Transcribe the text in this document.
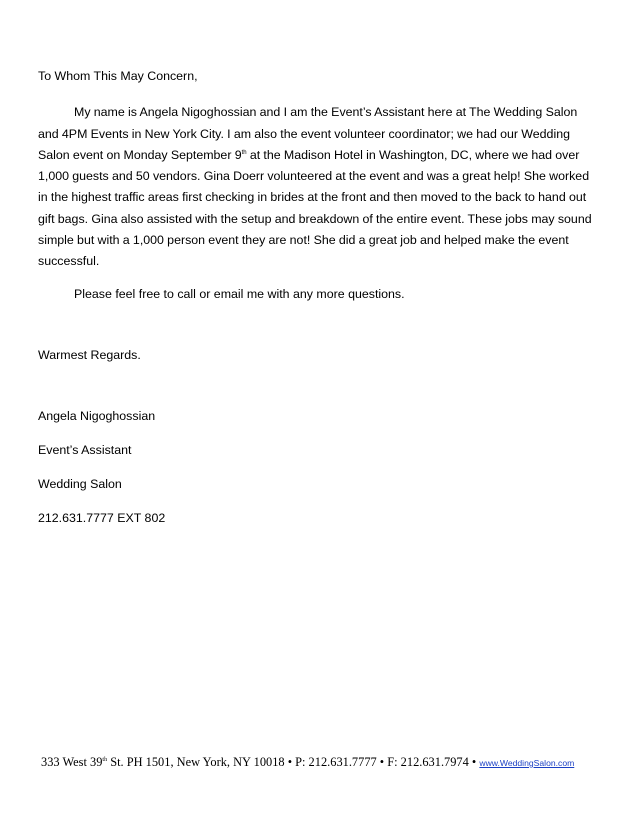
To Whom This May Concern,

My name is Angela Nigoghossian and I am the Event’s Assistant here at The Wedding Salon and 4PM Events in New York City. I am also the event volunteer coordinator; we had our Wedding Salon event on Monday September 9th at the Madison Hotel in Washington, DC, where we had over 1,000 guests and 50 vendors. Gina Doerr volunteered at the event and was a great help! She worked in the highest traffic areas first checking in brides at the front and then moved to the back to hand out gift bags. Gina also assisted with the setup and breakdown of the entire event. These jobs may sound simple but with a 1,000 person event they are not! She did a great job and helped make the event successful.

Please feel free to call or email me with any more questions.

Warmest Regards.

Angela Nigoghossian

Event’s Assistant

Wedding Salon

212.631.7777 EXT 802

333 West 39th St. PH 1501, New York, NY 10018 • P: 212.631.7777 • F: 212.631.7974 • www.WeddingSalon.com
